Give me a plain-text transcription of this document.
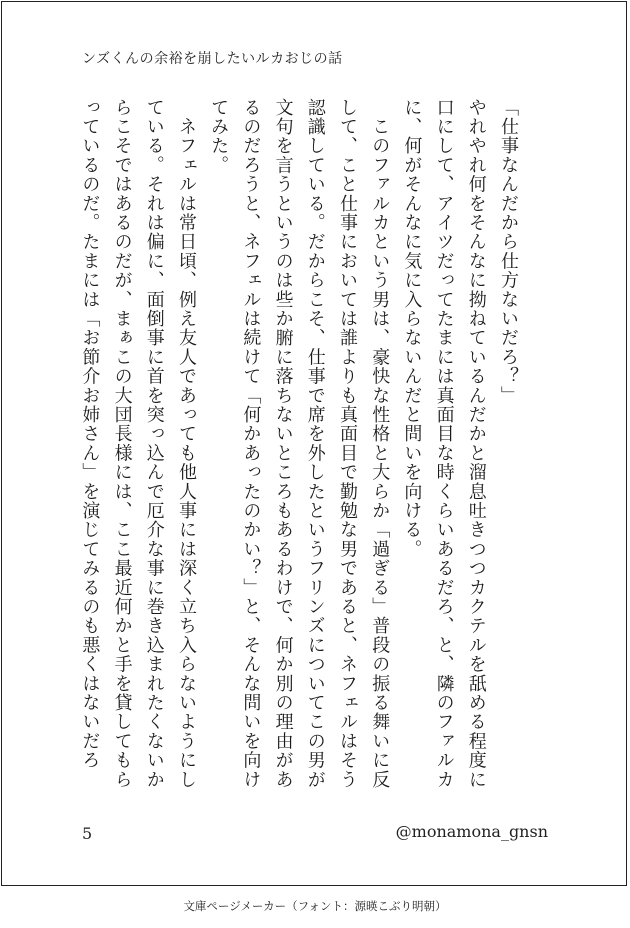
ンズくんの余裕を崩したいルカおじの話

「仕事なんだから仕方ないだろ？」

やれやれ何をそんなに拗ねているんだかと溜息吐きつつカクテルを舐める程度に口にして、アイツだってたまには真面目な時くらいあるだろ、と、隣のファルカに、何がそんなに気に入らないんだと問いを向ける。

　このファルカという男は、豪快な性格と大らか「過ぎる」普段の振る舞いに反して、こと仕事においては誰よりも真面目で勤勉な男であると、ネフェルはそう認識している。だからこそ、仕事で席を外したというフリンズについてこの男が文句を言うというのは些か腑に落ちないところもあるわけで、何か別の理由があるのだろうと、ネフェルは続けて「何かあったのかい？」と、そんな問いを向けてみた。

　ネフェルは常日頃、例え友人であっても他人事には深く立ち入らないようにしている。それは偏に、面倒事に首を突っ込んで厄介な事に巻き込まれたくないからこそではあるのだが、まぁこの大団長様には、ここ最近何かと手を貸してもらっているのだ。たまには「お節介お姉さん」を演じてみるのも悪くはないだろ

5	@monamona_gnsn
文庫ページメーカー（フォント：源暎こぶり明朝）
